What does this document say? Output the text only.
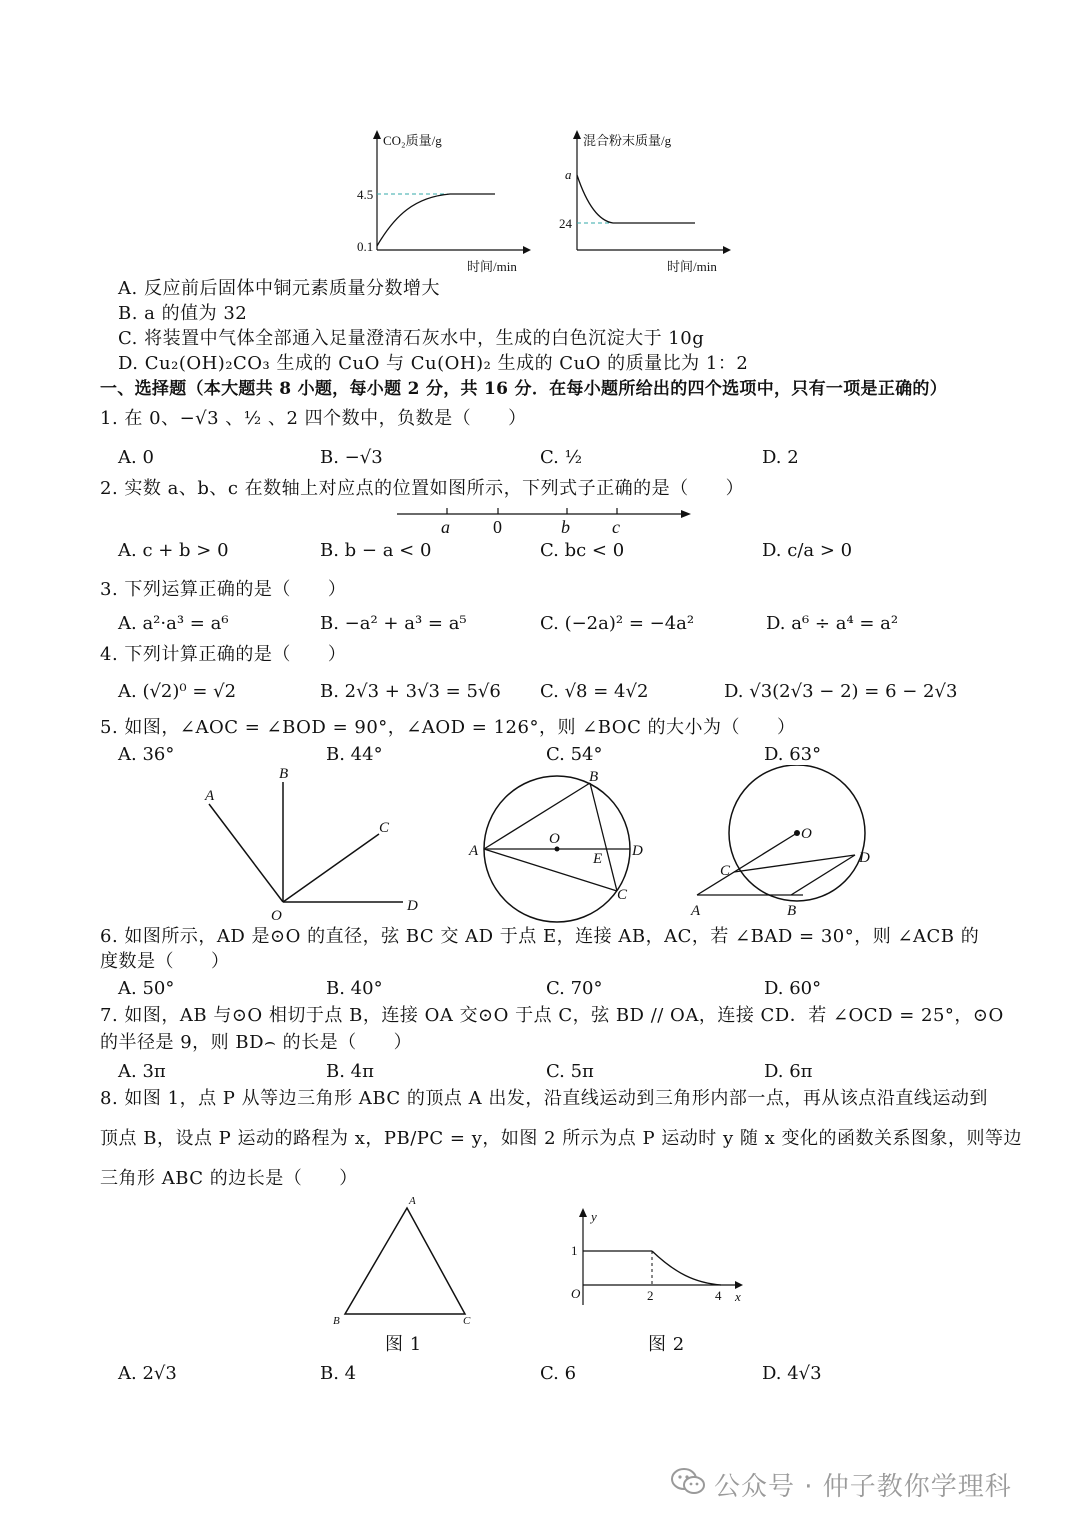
CO₂质量/g
4.5
0.1
时间/min
混合粉末质量/g
a
24
时间/min
A. 反应前后固体中铜元素质量分数增大
B. a 的值为 32
C. 将装置中气体全部通入足量澄清石灰水中，生成的白色沉淀大于 10g
D. Cu₂(OH)₂CO₃ 生成的 CuO 与 Cu(OH)₂ 生成的 CuO 的质量比为 1：2
一、选择题（本大题共 8 小题，每小题 2 分，共 16 分．在每小题所给出的四个选项中，只有一项是正确的）
1. 在 0、−√3 、½ 、2 四个数中，负数是（　　）
A. 0	B. −√3	C. ½	D. 2
2. 实数 a、b、c 在数轴上对应点的位置如图所示，下列式子正确的是（　　）
a 0	b c
A. c + b > 0	B. b − a < 0	C. bc < 0	D. c/a > 0
3. 下列运算正确的是（　　）
A. a²·a³ = a⁶	B. −a² + a³ = a⁵	C. (−2a)² = −4a²	D. a⁶ ÷ a⁴ = a²
4. 下列计算正确的是（　　）
A. (√2)⁰ = √2	B. 2√3 + 3√3 = 5√6 C. √8 = 4√2	D. √3(2√3 − 2) = 6 − 2√3
5. 如图，∠AOC = ∠BOD = 90°，∠AOD = 126°，则 ∠BOC 的大小为（　　）
A. 36°	B. 44°	C. 54°	D. 63°
A
B
C
O
D
B
O
A	E D
C
O
C
D
A	B
6. 如图所示，AD 是⊙O 的直径，弦 BC 交 AD 于点 E，连接 AB，AC，若 ∠BAD = 30°，则 ∠ACB 的
度数是（　　）
A. 50°	B. 40°	C. 70°	D. 60°
7. 如图，AB 与⊙O 相切于点 B，连接 OA 交⊙O 于点 C，弦 BD // OA，连接 CD．若 ∠OCD = 25°，⊙O
的半径是 9，则 BD⌢ 的长是（　　）
A. 3π	B. 4π	C. 5π	D. 6π
8. 如图 1，点 P 从等边三角形 ABC 的顶点 A 出发，沿直线运动到三角形内部一点，再从该点沿直线运动到
顶点 B，设点 P 运动的路程为 x，PB/PC = y，如图 2 所示为点 P 运动时 y 随 x 变化的函数关系图象，则等边
三角形 ABC 的边长是（　　）
A
B	C
图 1
y
1
O	2	4 x
图 2
A. 2√3	B. 4	C. 6	D. 4√3
公众号 · 仲子教你学理科
